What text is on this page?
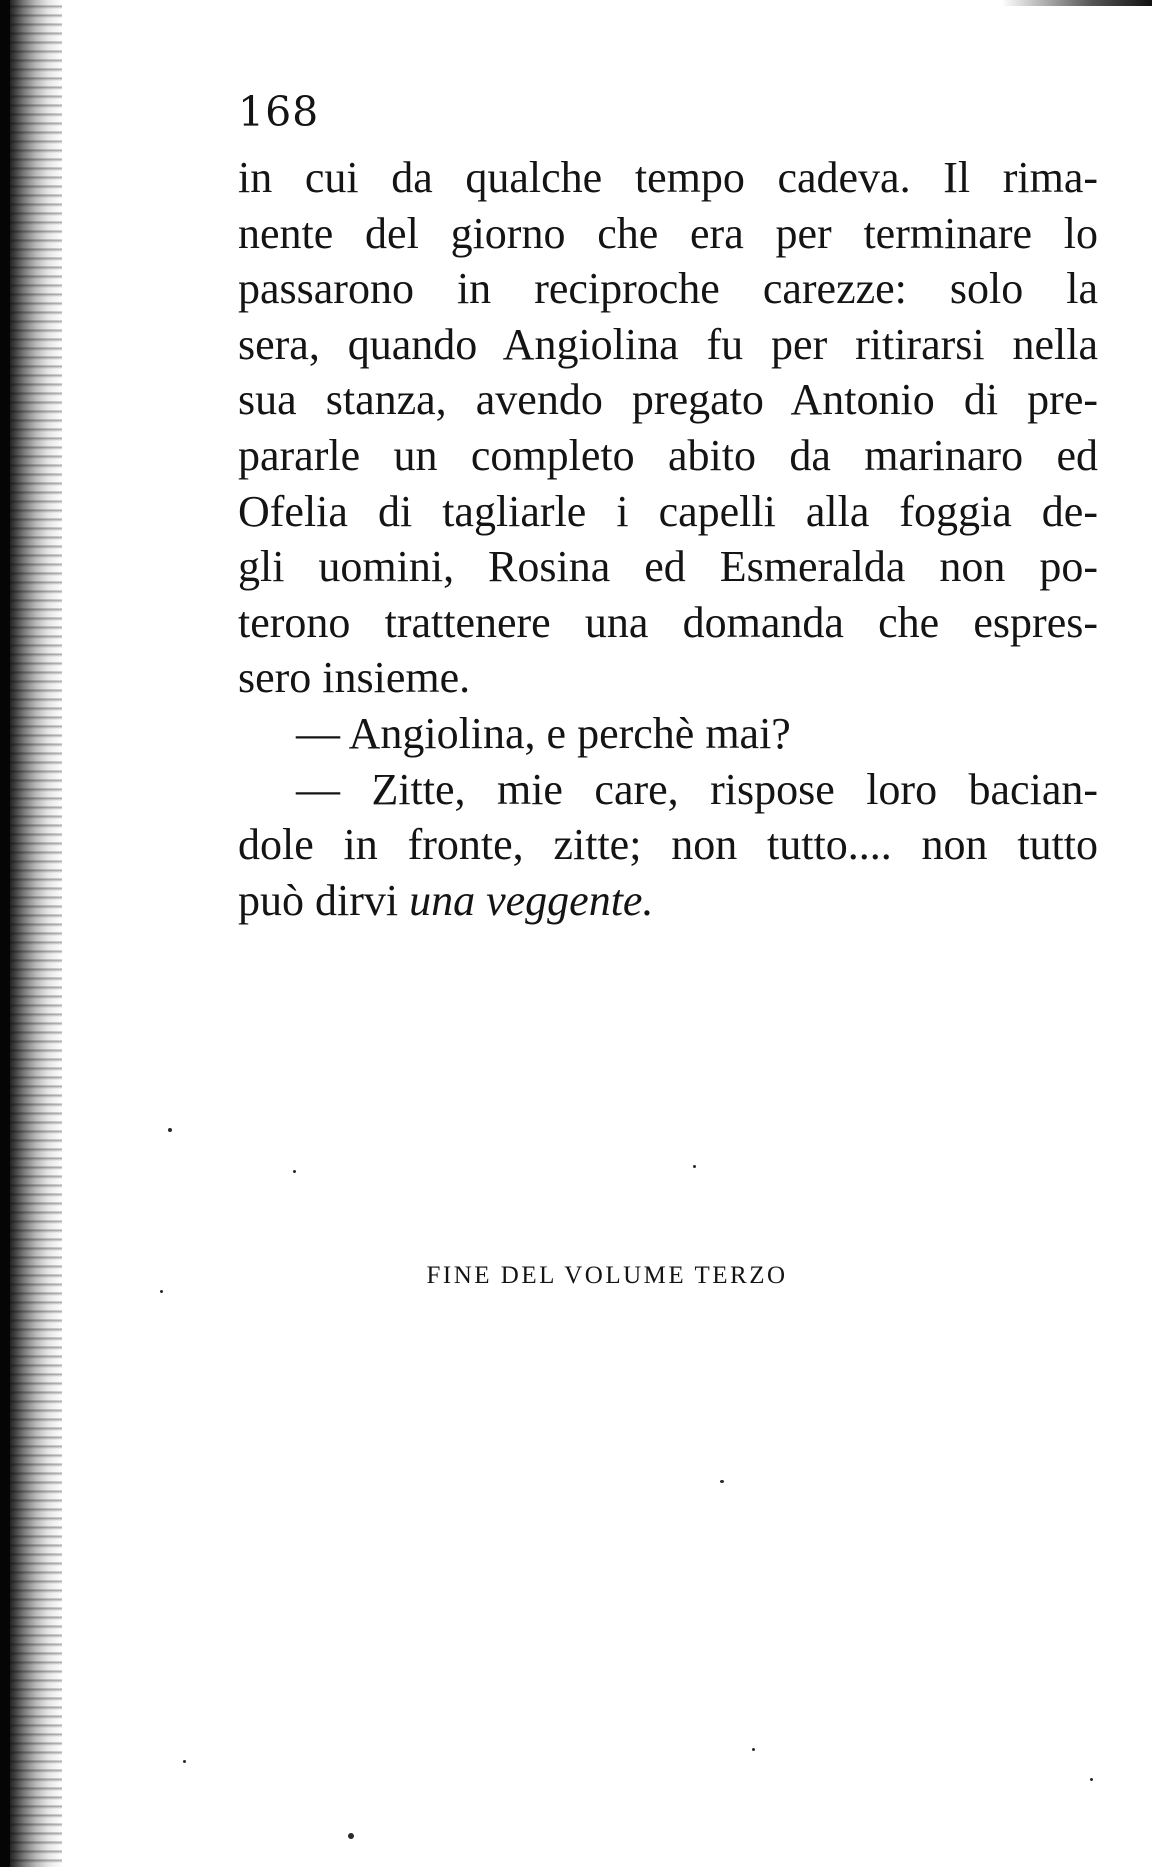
168
in cui da qualche tempo cadeva. Il rima-
nente del giorno che era per terminare lo
passarono in reciproche carezze: solo la
sera, quando Angiolina fu per ritirarsi nella
sua stanza, avendo pregato Antonio di pre-
pararle un completo abito da marinaro ed
Ofelia di tagliarle i capelli alla foggia de-
gli uomini, Rosina ed Esmeralda non po-
terono trattenere una domanda che espres-
sero insieme.
— Angiolina, e perchè mai?
— Zitte, mie care, rispose loro bacian-
dole in fronte, zitte; non tutto.... non tutto
può dirvi una veggente.
FINE DEL VOLUME TERZO
